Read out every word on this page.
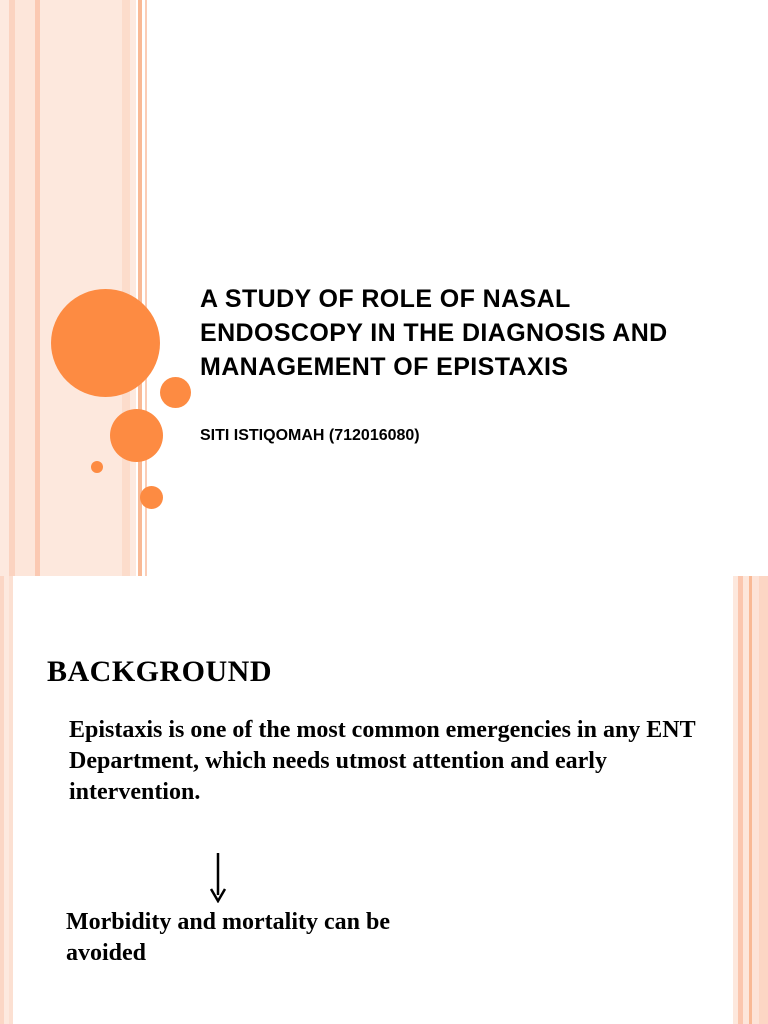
A STUDY OF ROLE OF NASAL ENDOSCOPY IN THE DIAGNOSIS AND MANAGEMENT OF EPISTAXIS

SITI ISTIQOMAH (712016080)

BACKGROUND

Epistaxis is one of the most common emergencies in any ENT Department, which needs utmost attention and early intervention.

Morbidity and mortality can be avoided
